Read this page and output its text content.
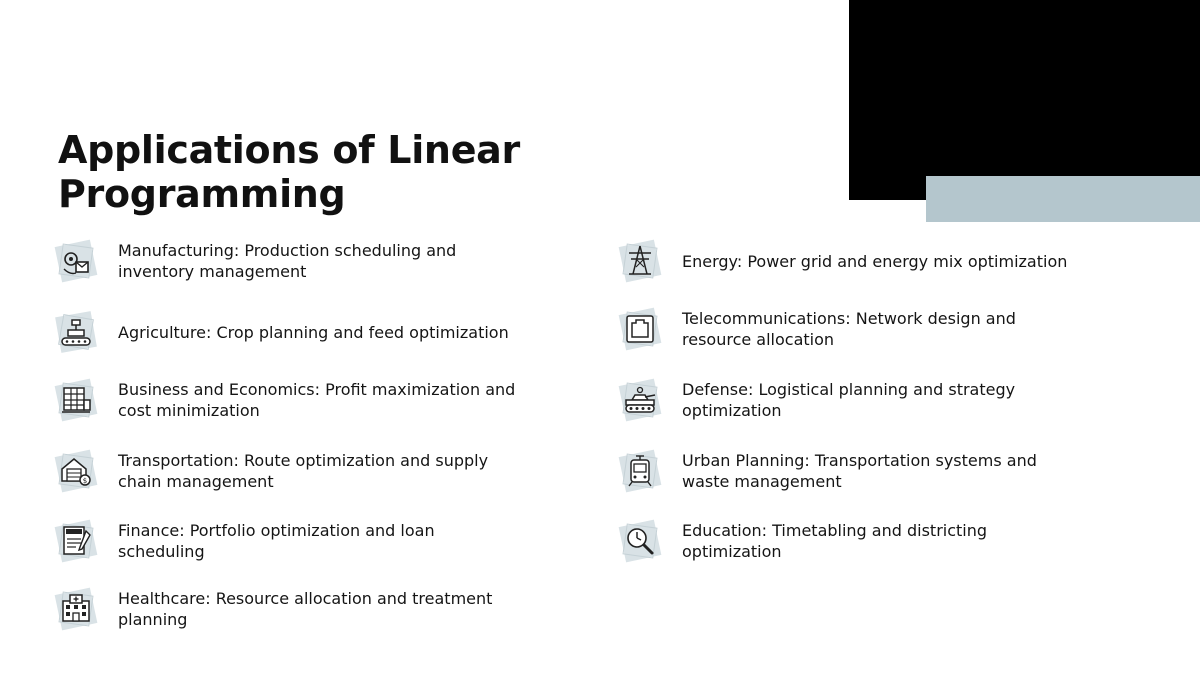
Applications of Linear Programming
Manufacturing: Production scheduling and inventory management
Agriculture: Crop planning and feed optimization
Business and Economics: Profit maximization and cost minimization
$
Transportation: Route optimization and supply chain management
Finance: Portfolio optimization and loan scheduling
Healthcare: Resource allocation and treatment planning
Energy: Power grid and energy mix optimization
Telecommunications: Network design and resource allocation
Defense: Logistical planning and strategy optimization
Urban Planning: Transportation systems and waste management
Education: Timetabling and districting optimization
